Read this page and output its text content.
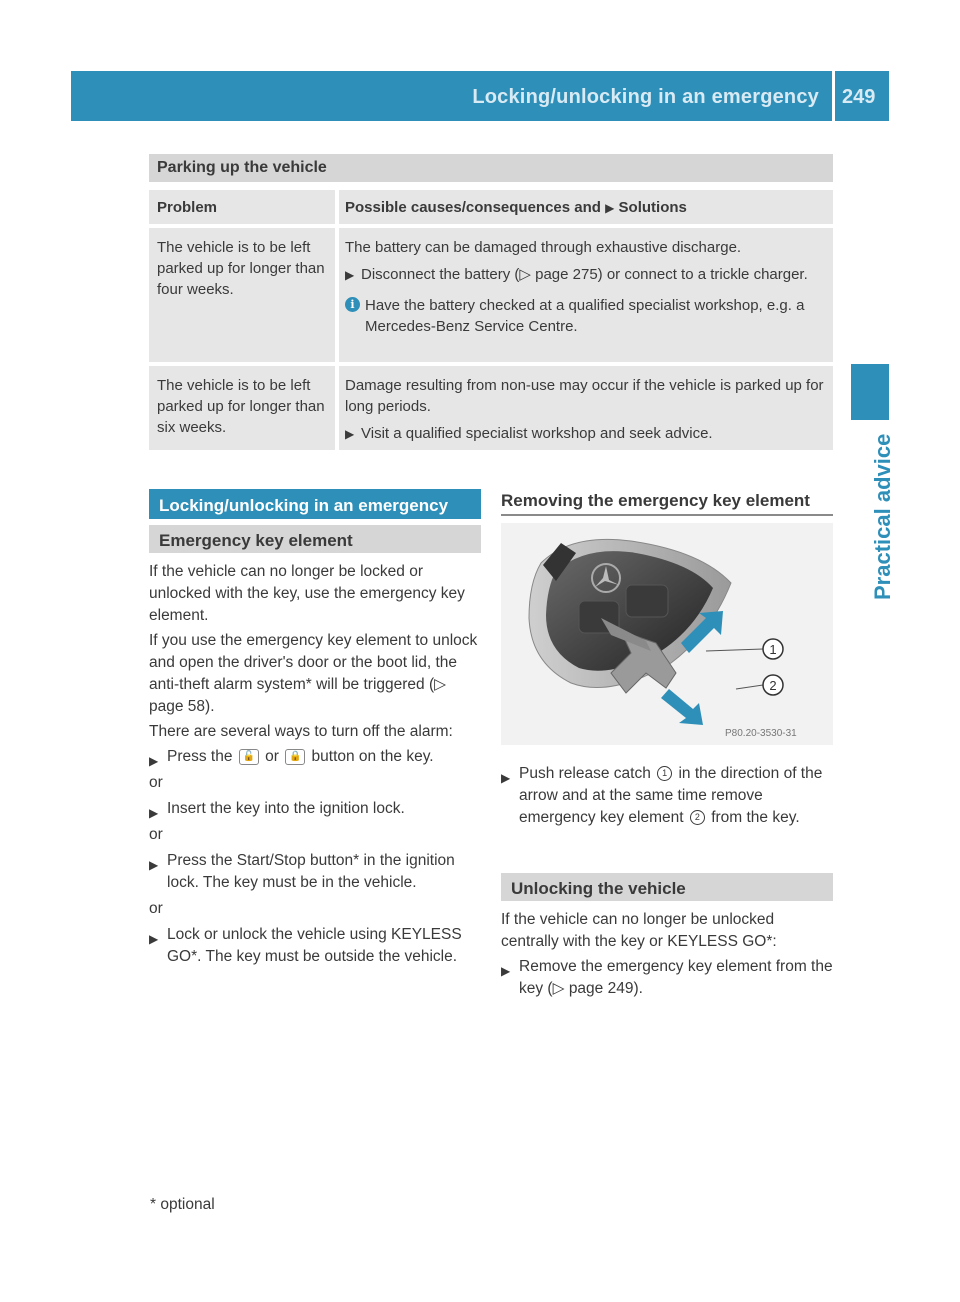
Locking/unlocking in an emergency 249
Practical advice
Parking up the vehicle
Problem	Possible causes/consequences and ▶ Solutions
The vehicle is to be left parked up for longer than four weeks.

The battery can be damaged through exhaustive discharge.

▶ Disconnect the battery (▷ page 275) or connect to a trickle charger.

i Have the battery checked at a qualified specialist workshop, e.g. a Mercedes-Benz Service Centre.

The vehicle is to be left parked up for longer than six weeks.

Damage resulting from non-use may occur if the vehicle is parked up for long periods.

▶ Visit a qualified specialist workshop and seek advice.

Locking/unlocking in an emergency
Emergency key element

If the vehicle can no longer be locked or unlocked with the key, use the emergency key element.

If you use the emergency key element to unlock and open the driver's door or the boot lid, the anti-theft alarm system* will be triggered (▷ page 58).

There are several ways to turn off the alarm:

▶ Press the 🔓 or 🔒 button on the key.

or

▶ Insert the key into the ignition lock.

or

▶ Press the Start/Stop button* in the ignition lock. The key must be in the vehicle.

or

▶ Lock or unlock the vehicle using KEYLESS GO*. The key must be outside the vehicle.
Removing the emergency key element
1
2
P80.20-3530-31
▶ Push release catch 1 in the direction of the arrow and at the same time remove emergency key element 2 from the key.
Unlocking the vehicle

If the vehicle can no longer be unlocked centrally with the key or KEYLESS GO*:

▶ Remove the emergency key element from the key (▷ page 249).
* optional
